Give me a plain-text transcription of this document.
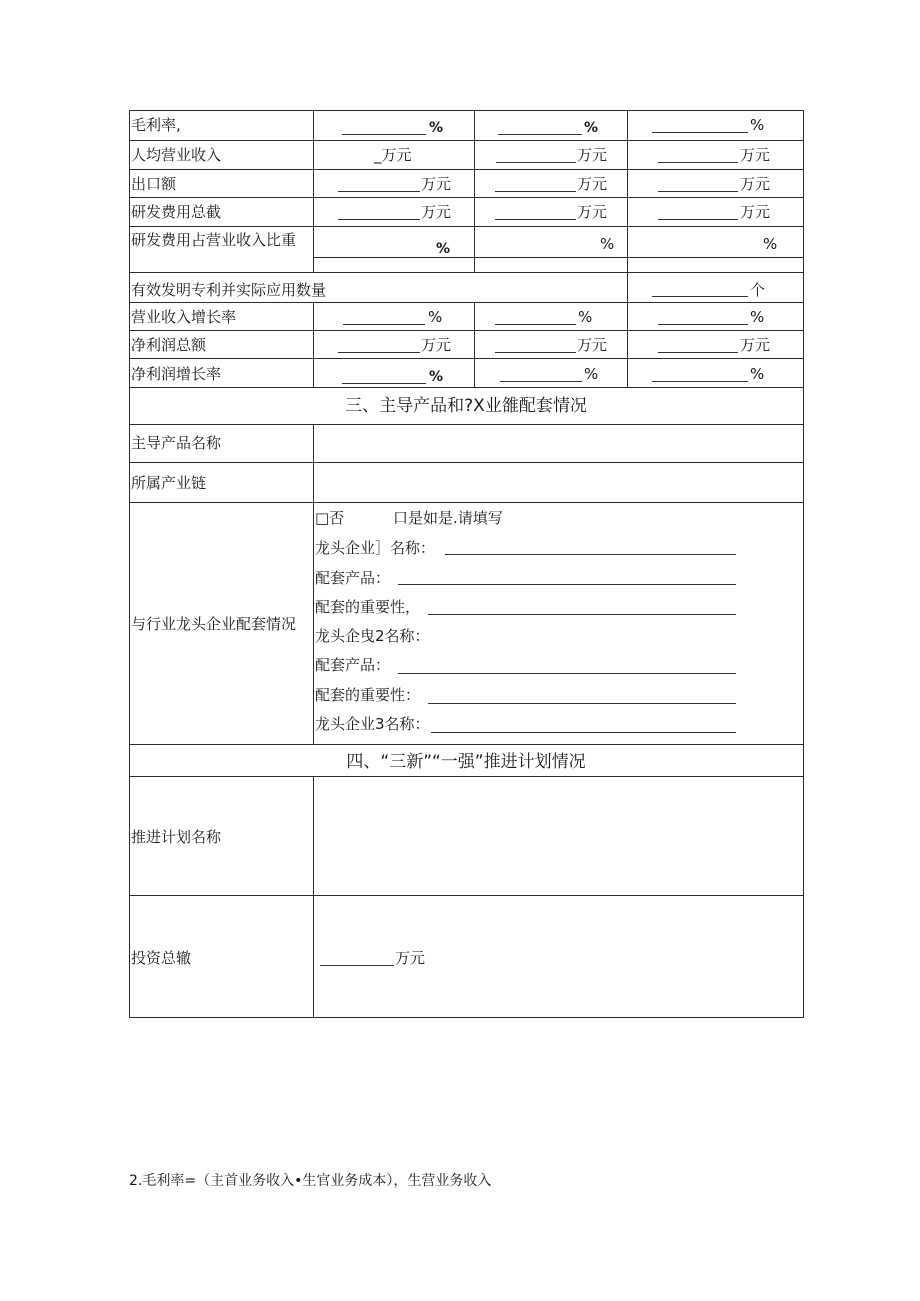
毛利率,	%	%	%
人均营业收入	_万元	万元	万元
出口额	万元	万元	万元
研发费用总截	万元	万元	万元
研发费用占营业收入比重	%	%	%
有效发明专利并实际应用数量	个
营业收入增长率	%	%	%
净利润总额	万元	万元	万元
净利润增长率	%	%	%
三、主导产品和?X业雒配套情况
主导产品名称
所属产业链
与行业龙头企业配套情况
□否	口是如是.请填写
龙头企业］名称：
配套产品：
配套的重要性，
龙头企曳2名称：
配套产品：
配套的重要性：
龙头企业3名称：
四、“三新”“一强”推进计划情况
推进计划名称
投资总辙	万元
2.毛利率=（主首业务收入•生官业务成本），生营业务收入
